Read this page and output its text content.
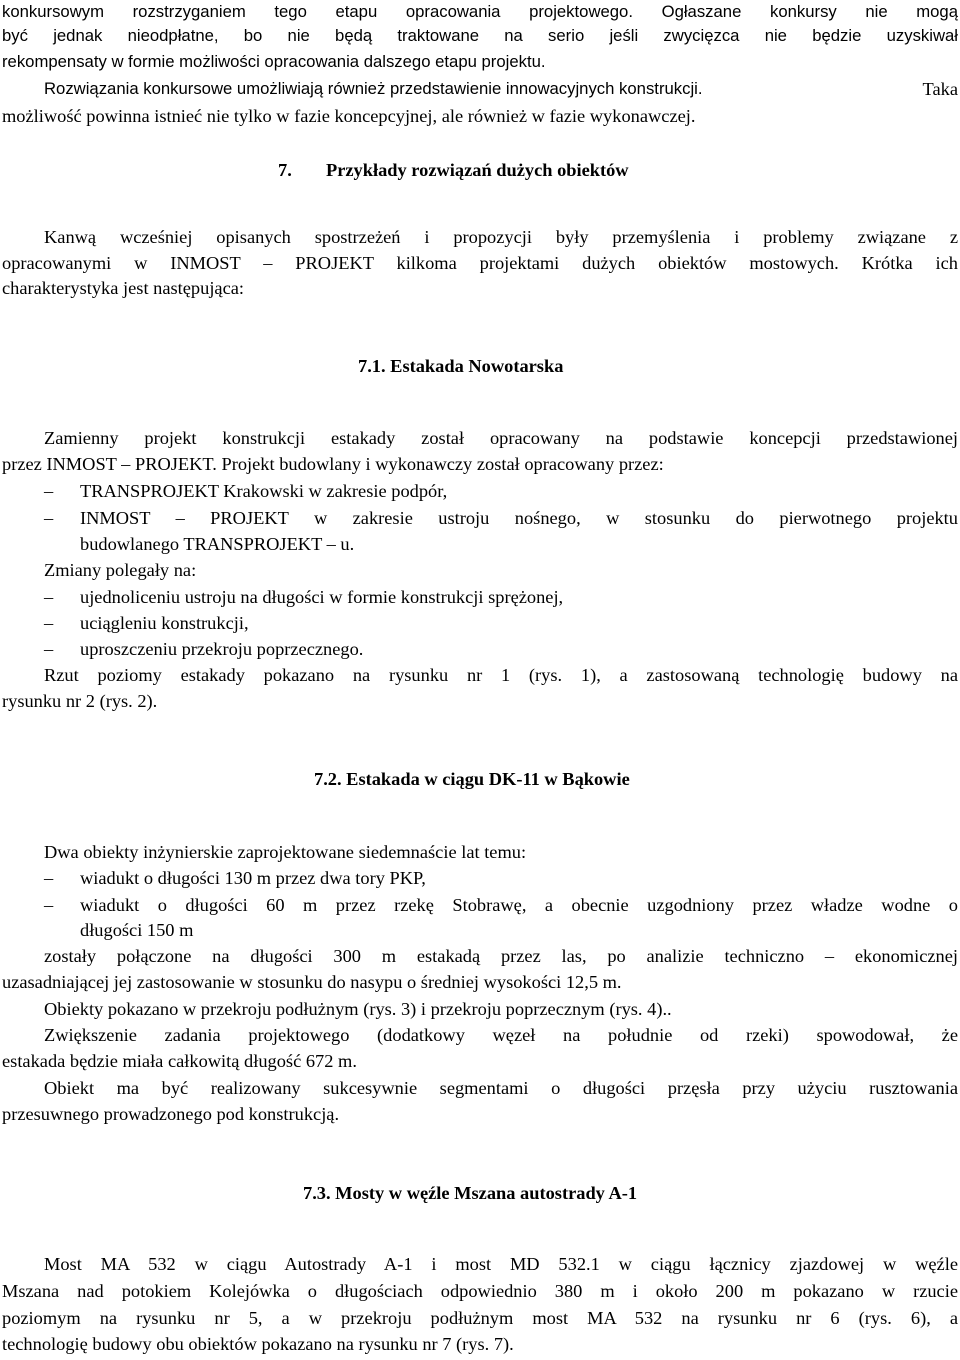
konkursowym rozstrzyganiem tego etapu opracowania projektowego. Ogłaszane konkursy nie mogą
być jednak nieodpłatne, bo nie będą traktowane na serio jeśli zwycięzca nie będzie uzyskiwał
rekompensaty w formie możliwości opracowania dalszego etapu projektu.
Rozwiązania konkursowe umożliwiają również przedstawienie innowacyjnych konstrukcji.	Taka
możliwość powinna istnieć nie tylko w fazie koncepcyjnej, ale również w fazie wykonawczej.
7. Przykłady rozwiązań dużych obiektów
Kanwą wcześniej opisanych spostrzeżeń i propozycji były przemyślenia i problemy związane z
opracowanymi w INMOST – PROJEKT kilkoma projektami dużych obiektów mostowych. Krótka ich
charakterystyka jest następująca:
7.1. Estakada Nowotarska
Zamienny projekt konstrukcji estakady został opracowany na podstawie koncepcji przedstawionej
przez INMOST – PROJEKT. Projekt budowlany i wykonawczy został opracowany przez:
– TRANSPROJEKT Krakowski w zakresie podpór,
– INMOST – PROJEKT w zakresie ustroju nośnego, w stosunku do pierwotnego projektu
budowlanego TRANSPROJEKT – u.
Zmiany polegały na:
– ujednoliceniu ustroju na długości w formie konstrukcji sprężonej,
– uciągleniu konstrukcji,
– uproszczeniu przekroju poprzecznego.
Rzut poziomy estakady pokazano na rysunku nr 1 (rys. 1), a zastosowaną technologię budowy na
rysunku nr 2 (rys. 2).
7.2. Estakada w ciągu DK-11 w Bąkowie
Dwa obiekty inżynierskie zaprojektowane siedemnaście lat temu:
– wiadukt o długości 130 m przez dwa tory PKP,
– wiadukt o długości 60 m przez rzekę Stobrawę, a obecnie uzgodniony przez władze wodne o
długości 150 m
zostały połączone na długości 300 m estakadą przez las, po analizie techniczno – ekonomicznej
uzasadniającej jej zastosowanie w stosunku do nasypu o średniej wysokości 12,5 m.
Obiekty pokazano w przekroju podłużnym (rys. 3) i przekroju poprzecznym (rys. 4)..
Zwiększenie zadania projektowego (dodatkowy węzeł na południe od rzeki) spowodował, że
estakada będzie miała całkowitą długość 672 m.
Obiekt ma być realizowany sukcesywnie segmentami o długości przęsła przy użyciu rusztowania
przesuwnego prowadzonego pod konstrukcją.
7.3. Mosty w węźle Mszana autostrady A-1
Most MA 532 w ciągu Autostrady A-1 i most MD 532.1 w ciągu łącznicy zjazdowej w węźle
Mszana nad potokiem Kolejówka o długościach odpowiednio 380 m i około 200 m pokazano w rzucie
poziomym na rysunku nr 5, a w przekroju podłużnym most MA 532 na rysunku nr 6 (rys. 6), a
technologię budowy obu obiektów pokazano na rysunku nr 7 (rys. 7).
